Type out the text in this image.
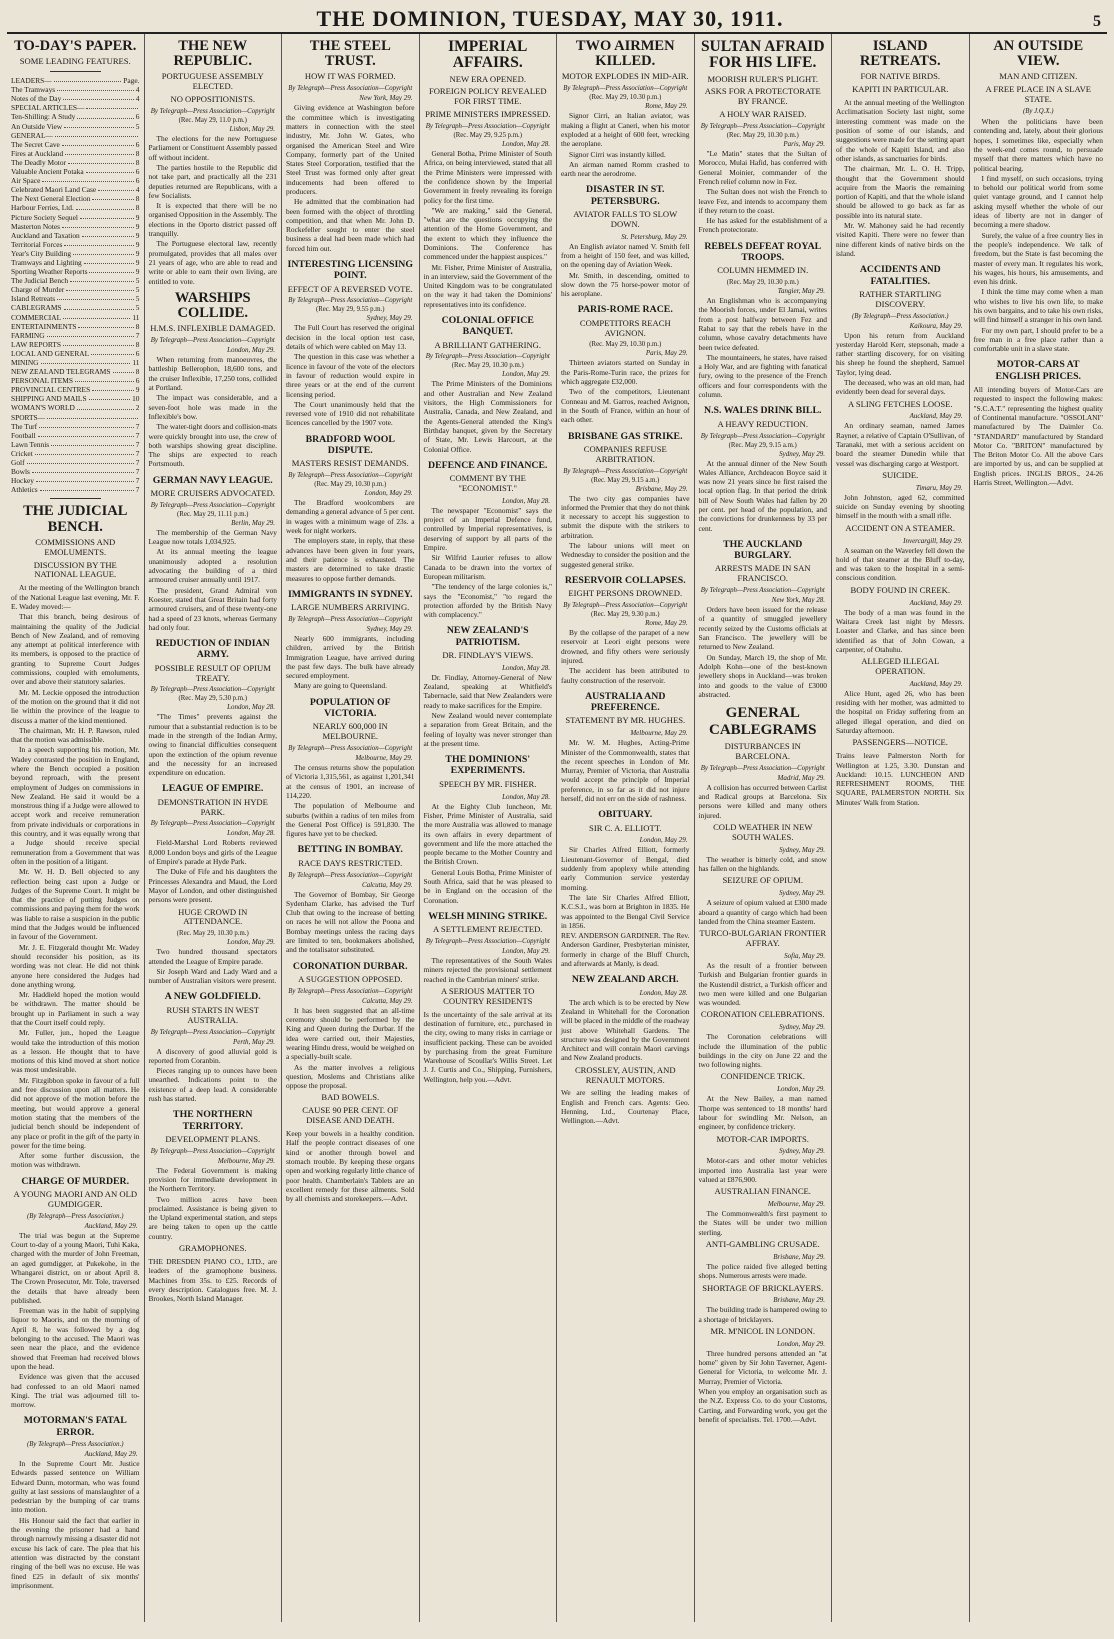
THE DOMINION, TUESDAY, MAY 30, 1911.	5
TO-DAY'S PAPER.
SOME LEADING FEATURES.
LEADERS—	Page.
The Tramways	4
Notes of the Day	4
SPECIAL ARTICLES—
Ten-Shilling: A Study	6
An Outside View	5
GENERAL—
The Secret Cave	6
Fires at Auckland	8
The Deadly Motor	8
Valuable Ancient Potaka	6
Air Space	6
Celebrated Maori Land Case	4
The Next General Election	8
Harbour Ferries, Ltd.	8
Picture Society Sequel	9
Masterton Notes	9
Auckland and Taxation	9
Territorial Forces	9
Year's City Building	9
Tramways and Lighting	9
Sporting Weather Reports	9
The Judicial Bench	5
Charge of Murder	5
Island Retreats	5
CABLEGRAMS	5
COMMERCIAL	11
ENTERTAINMENTS	8
FARMING	7
LAW REPORTS	8
LOCAL AND GENERAL	6
MINING	11
NEW ZEALAND TELEGRAMS	8
PERSONAL ITEMS	6
PROVINCIAL CENTRES	9
SHIPPING AND MAILS	10
WOMAN'S WORLD	2
SPORTS—
The Turf	7
Football	7
Lawn Tennis	7
Cricket	7
Golf	7
Bowls	7
Hockey	7
Athletics	7
THE JUDICIAL BENCH.
COMMISSIONS AND EMOLUMENTS.
DISCUSSION BY THE NATIONAL LEAGUE.

At the meeting of the Wellington branch of the National League last evening, Mr. F. E. Wadey moved:—

That this branch, being desirous of maintaining the quality of the Judicial Bench of New Zealand, and of removing any attempt at political interference with its members, is opposed to the practice of granting to Supreme Court Judges commissions, coupled with emoluments, over and above their statutory salaries.

Mr. M. Leckie opposed the introduction of the motion on the ground that it did not lie within the province of the league to discuss a matter of the kind mentioned.

The chairman, Mr. H. P. Rawson, ruled that the motion was admissible.

In a speech supporting his motion, Mr. Wadey contrasted the position in England, where the Bench occupied a position beyond reproach, with the present employment of Judges on commissions in New Zealand. He said it would be a monstrous thing if a Judge were allowed to accept work and receive remuneration from private individuals or corporations in this country, and it was equally wrong that a Judge should receive special remuneration from a Government that was often in the position of a litigant.

Mr. W. H. D. Bell objected to any reflection being cast upon a Judge or Judges of the Supreme Court. It might be that the practice of putting Judges on commissions and paying them for the work was liable to raise a suspicion in the public mind that the Judges would be influenced in favour of the Government.

Mr. J. E. Fitzgerald thought Mr. Wadey should reconsider his position, as its wording was not clear. He did not think anyone here considered the Judges had done anything wrong.

Mr. Haddield hoped the motion would be withdrawn. The matter should be brought up in Parliament in such a way that the Court itself could reply.

Mr. Fuller, jun., hoped the League would take the introduction of this motion as a lesson. He thought that to have motions of this kind moved at short notice was most undesirable.

Mr. Fitzgibbon spoke in favour of a full and free discussion upon all matters. He did not approve of the motion before the meeting, but would approve a general motion stating that the members of the judicial bench should be independent of any place or profit in the gift of the party in power for the time being.

After some further discussion, the motion was withdrawn.

CHARGE OF MURDER.
A YOUNG MAORI AND AN OLD GUMDIGGER.
(By Telegraph—Press Association.)
Auckland, May 29.

The trial was begun at the Supreme Court to-day of a young Maori, Tuhi Kaka, charged with the murder of John Freeman, an aged gumdigger, at Pukekohe, in the Whangarei district, on or about April 8. The Crown Prosecutor, Mr. Tole, traversed the details that have already been published.

Freeman was in the habit of supplying liquor to Maoris, and on the morning of April 8, he was followed by a dog belonging to the accused. The Maori was seen near the place, and the evidence showed that Freeman had received blows upon the head.

Evidence was given that the accused had confessed to an old Maori named Kingi. The trial was adjourned till to-morrow.

MOTORMAN'S FATAL ERROR.
(By Telegraph—Press Association.)
Auckland, May 29.

In the Supreme Court Mr. Justice Edwards passed sentence on William Edward Dunn, motorman, who was found guilty at last sessions of manslaughter of a pedestrian by the bumping of car trams into motion.

His Honour said the fact that earlier in the evening the prisoner had a hand through narrowly missing a disaster did not excuse his lack of care. The plea that his attention was distracted by the constant ringing of the bell was no excuse. He was fined £25 in default of six months' imprisonment.

THE NEW REPUBLIC.
PORTUGUESE ASSEMBLY ELECTED.
NO OPPOSITIONISTS.
By Telegraph—Press Association—Copyright
(Rec. May 29, 11.0 p.m.)
Lisbon, May 29.

The elections for the new Portuguese Parliament or Constituent Assembly passed off without incident.

The parties hostile to the Republic did not take part, and practically all the 231 deputies returned are Republicans, with a few Socialists.

It is expected that there will be no organised Opposition in the Assembly. The elections in the Oporto district passed off tranquilly.

The Portuguese electoral law, recently promulgated, provides that all males over 21 years of age, who are able to read and write or able to earn their own living, are entitled to vote.

WARSHIPS COLLIDE.
H.M.S. INFLEXIBLE DAMAGED.
By Telegraph—Press Association—Copyright
London, May 29.

When returning from manoeuvres, the battleship Bellerophon, 18,600 tons, and the cruiser Inflexible, 17,250 tons, collided at Portland.

The impact was considerable, and a seven-foot hole was made in the Inflexible's bow.

The water-tight doors and collision-mats were quickly brought into use, the crew of both warships showing great discipline. The ships are expected to reach Portsmouth.

GERMAN NAVY LEAGUE.
MORE CRUISERS ADVOCATED.
By Telegraph—Press Association—Copyright
(Rec. May 29, 11.11 p.m.)
Berlin, May 29.

The membership of the German Navy League now totals 1,034,925.

At its annual meeting the league unanimously adopted a resolution advocating the building of a third armoured cruiser annually until 1917.

The president, Grand Admiral von Koester, stated that Great Britain had forty armoured cruisers, and of these twenty-one had a speed of 23 knots, whereas Germany had only four.

REDUCTION OF INDIAN ARMY.
POSSIBLE RESULT OF OPIUM TREATY.
By Telegraph—Press Association—Copyright
(Rec. May 29, 5.30 p.m.)
London, May 28.

"The Times" prevents against the rumour that a substantial reduction is to be made in the strength of the Indian Army, owing to financial difficulties consequent upon the extinction of the opium revenue and the necessity for an increased expenditure on education.

LEAGUE OF EMPIRE.
DEMONSTRATION IN HYDE PARK.
By Telegraph—Press Association—Copyright
London, May 28.

Field-Marshal Lord Roberts reviewed 8,000 London boys and girls of the League of Empire's parade at Hyde Park.

The Duke of Fife and his daughters the Princesses Alexandra and Maud, the Lord Mayor of London, and other distinguished persons were present.

HUGE CROWD IN ATTENDANCE.
(Rec. May 29, 10.30 p.m.)
London, May 29.

Two hundred thousand spectators attended the League of Empire parade.

Sir Joseph Ward and Lady Ward and a number of Australian visitors were present.

A NEW GOLDFIELD.
RUSH STARTS IN WEST AUSTRALIA.
By Telegraph—Press Association—Copyright
Perth, May 29.

A discovery of good alluvial gold is reported from Coranbin.

Pieces ranging up to ounces have been unearthed. Indications point to the existence of a deep lead. A considerable rush has started.

THE NORTHERN TERRITORY.
DEVELOPMENT PLANS.
By Telegraph—Press Association—Copyright
Melbourne, May 29.

The Federal Government is making provision for immediate development in the Northern Territory.

Two million acres have been proclaimed. Assistance is being given to the Upland experimental station, and steps are being taken to open up the cattle country.

GRAMOPHONES.
THE DRESDEN PIANO CO., LTD., are leaders of the gramophone business. Machines from 35s. to £25. Records of every description. Catalogues free. M. J. Brookes, North Island Manager.
THE STEEL TRUST.
HOW IT WAS FORMED.
By Telegraph—Press Association—Copyright
New York, May 29.

Giving evidence at Washington before the committee which is investigating matters in connection with the steel industry, Mr. John W. Gates, who organised the American Steel and Wire Company, formerly part of the United States Steel Corporation, testified that the Steel Trust was formed only after great inducements had been offered to producers.

He admitted that the combination had been formed with the object of throttling competition, and that when Mr. John D. Rockefeller sought to enter the steel business a deal had been made which had forced him out.

INTERESTING LICENSING POINT.
EFFECT OF A REVERSED VOTE.
By Telegraph—Press Association—Copyright
(Rec. May 29, 9.55 p.m.)
Sydney, May 29.

The Full Court has reserved the original decision in the local option test case, details of which were cabled on May 13.

The question in this case was whether a licence in favour of the vote of the electors in favour of reduction would expire in three years or at the end of the current licensing period.

The Court unanimously held that the reversed vote of 1910 did not rehabilitate licences cancelled by the 1907 vote.

BRADFORD WOOL DISPUTE.
MASTERS RESIST DEMANDS.
By Telegraph—Press Association—Copyright
(Rec. May 29, 10.30 p.m.)
London, May 29.

The Bradford woolcombers are demanding a general advance of 5 per cent. in wages with a minimum wage of 23s. a week for night workers.

The employers state, in reply, that these advances have been given in four years, and their patience is exhausted. The masters are determined to take drastic measures to oppose further demands.

IMMIGRANTS IN SYDNEY.
LARGE NUMBERS ARRIVING.
By Telegraph—Press Association—Copyright
Sydney, May 29.

Nearly 600 immigrants, including children, arrived by the British Immigration League, have arrived during the past few days. The bulk have already secured employment.

Many are going to Queensland.

POPULATION OF VICTORIA.
NEARLY 600,000 IN MELBOURNE.
By Telegraph—Press Association—Copyright
Melbourne, May 29.

The census returns show the population of Victoria 1,315,561, as against 1,201,341 at the census of 1901, an increase of 114,220.

The population of Melbourne and suburbs (within a radius of ten miles from the General Post Office) is 591,830. The figures have yet to be checked.

BETTING IN BOMBAY.
RACE DAYS RESTRICTED.
By Telegraph—Press Association—Copyright
Calcutta, May 29.

The Governor of Bombay, Sir George Sydenham Clarke, has advised the Turf Club that owing to the increase of betting on races he will not allow the Poona and Bombay meetings unless the racing days are limited to ten, bookmakers abolished, and the totalisator substituted.

CORONATION DURBAR.
A SUGGESTION OPPOSED.
By Telegraph—Press Association—Copyright
Calcutta, May 29.

It has been suggested that an all-time ceremony should be performed by the King and Queen during the Durbar. If the idea were carried out, their Majesties, wearing Hindu dress, would be weighed on a specially-built scale.

As the matter involves a religious question, Moslems and Christians alike oppose the proposal.

BAD BOWELS.
CAUSE 90 PER CENT. OF DISEASE AND DEATH.
Keep your bowels in a healthy condition. Half the people contract diseases of one kind or another through bowel and stomach trouble. By keeping these organs open and working regularly little chance of poor health. Chamberlain's Tablets are an excellent remedy for these ailments. Sold by all chemists and storekeepers.—Advt.
IMPERIAL AFFAIRS.
NEW ERA OPENED.
FOREIGN POLICY REVEALED FOR FIRST TIME.
PRIME MINISTERS IMPRESSED.
By Telegraph—Press Association—Copyright
(Rec. May 29, 9.25 p.m.)
London, May 28.

General Botha, Prime Minister of South Africa, on being interviewed, stated that all the Prime Ministers were impressed with the confidence shown by the Imperial Government in freely revealing its foreign policy for the first time.

"We are making," said the General, "what are the questions occupying the attention of the Home Government, and the extent to which they influence the Dominions. The Conference has commenced under the happiest auspices."

Mr. Fisher, Prime Minister of Australia, in an interview, said the Government of the United Kingdom was to be congratulated on the way it had taken the Dominions' representatives into its confidence.

COLONIAL OFFICE BANQUET.
A BRILLIANT GATHERING.
By Telegraph—Press Association—Copyright
(Rec. May 29, 10.30 p.m.)
London, May 29.

The Prime Ministers of the Dominions and other Australian and New Zealand visitors, the High Commissioners for Australia, Canada, and New Zealand, and the Agents-General attended the King's Birthday banquet, given by the Secretary of State, Mr. Lewis Harcourt, at the Colonial Office.

DEFENCE AND FINANCE.
COMMENT BY THE "ECONOMIST."
London, May 28.

The newspaper "Economist" says the project of an Imperial Defence fund, controlled by Imperial representatives, is deserving of support by all parts of the Empire.

Sir Wilfrid Laurier refuses to allow Canada to be drawn into the vortex of European militarism.

"The tendency of the large colonies is," says the "Economist," "to regard the protection afforded by the British Navy with complacency."

NEW ZEALAND'S PATRIOTISM.
DR. FINDLAY'S VIEWS.
London, May 28.

Dr. Findlay, Attorney-General of New Zealand, speaking at Whitfield's Tabernacle, said that New Zealanders were ready to make sacrifices for the Empire.

New Zealand would never contemplate a separation from Great Britain, and the feeling of loyalty was never stronger than at the present time.

THE DOMINIONS' EXPERIMENTS.
SPEECH BY MR. FISHER.
London, May 28.

At the Eighty Club luncheon, Mr. Fisher, Prime Minister of Australia, said the more Australia was allowed to manage its own affairs in every department of government and life the more attached the people became to the Mother Country and the British Crown.

General Louis Botha, Prime Minister of South Africa, said that he was pleased to be in England on the occasion of the Coronation.

WELSH MINING STRIKE.
A SETTLEMENT REJECTED.
By Telegraph—Press Association—Copyright
London, May 29.

The representatives of the South Wales miners rejected the provisional settlement reached in the Cambrian miners' strike.

A SERIOUS MATTER TO COUNTRY RESIDENTS
Is the uncertainty of the sale arrival at its destination of furniture, etc., purchased in the city, owing to many risks in carriage or insufficient packing. These can be avoided by purchasing from the great Furniture Warehouse of Scoullar's Willis Street. Let J. J. Curtis and Co., Shipping, Furnishers, Wellington, help you.—Advt.
TWO AIRMEN KILLED.
MOTOR EXPLODES IN MID-AIR.
By Telegraph—Press Association—Copyright
(Rec. May 29, 10.30 p.m.)
Rome, May 29.

Signor Cirri, an Italian aviator, was making a flight at Caneri, when his motor exploded at a height of 600 feet, wrecking the aeroplane.

Signor Cirri was instantly killed.

An airman named Romm crashed to earth near the aerodrome.

DISASTER IN ST. PETERSBURG.
AVIATOR FALLS TO SLOW DOWN.
St. Petersburg, May 29.

An English aviator named V. Smith fell from a height of 150 feet, and was killed, on the opening day of Aviation Week.

Mr. Smith, in descending, omitted to slow down the 75 horse-power motor of his aeroplane.

PARIS-ROME RACE.
COMPETITORS REACH AVIGNON.
(Rec. May 29, 10.30 p.m.)
Paris, May 29.

Thirteen aviators started on Sunday in the Paris-Rome-Turin race, the prizes for which aggregate £32,000.

Two of the competitors, Lieutenant Conneau and M. Garros, reached Avignon, in the South of France, within an hour of each other.

BRISBANE GAS STRIKE.
COMPANIES REFUSE ARBITRATION.
By Telegraph—Press Association—Copyright
(Rec. May 29, 9.15 a.m.)
Brisbane, May 29.

The two city gas companies have informed the Premier that they do not think it necessary to accept his suggestion to submit the dispute with the strikers to arbitration.

The labour unions will meet on Wednesday to consider the position and the suggested general strike.

RESERVOIR COLLAPSES.
EIGHT PERSONS DROWNED.
By Telegraph—Press Association—Copyright
(Rec. May 29, 9.30 p.m.)
Rome, May 29.

By the collapse of the parapet of a new reservoir at Leori eight persons were drowned, and fifty others were seriously injured.

The accident has been attributed to faulty construction of the reservoir.

AUSTRALIA AND PREFERENCE.
STATEMENT BY MR. HUGHES.
Melbourne, May 29.

Mr. W. M. Hughes, Acting-Prime Minister of the Commonwealth, states that the recent speeches in London of Mr. Murray, Premier of Victoria, that Australia would accept the principle of Imperial preference, in so far as it did not injure herself, did not err on the side of rashness.

OBITUARY.
SIR C. A. ELLIOTT.
London, May 29.

Sir Charles Alfred Elliott, formerly Lieutenant-Governor of Bengal, died suddenly from apoplexy while attending early Communion service yesterday morning.

The late Sir Charles Alfred Elliott, K.C.S.I., was born at Brighton in 1835. He was appointed to the Bengal Civil Service in 1856.

REV. ANDERSON GARDINER. The Rev. Anderson Gardiner, Presbyterian minister, formerly in charge of the Bluff Church, and afterwards at Manly, is dead.
NEW ZEALAND ARCH.
London, May 28.

The arch which is to be erected by New Zealand in Whitehall for the Coronation will be placed in the middle of the roadway just above Whitehall Gardens. The structure was designed by the Government Architect and will contain Maori carvings and New Zealand products.

CROSSLEY, AUSTIN, AND RENAULT MOTORS.
We are selling the leading makes of English and French cars. Agents: Geo. Henning, Ltd., Courtenay Place, Wellington.—Advt.
SULTAN AFRAID FOR HIS LIFE.
MOORISH RULER'S PLIGHT.
ASKS FOR A PROTECTORATE BY FRANCE.
A HOLY WAR RAISED.
By Telegraph—Press Association—Copyright
(Rec. May 29, 10.30 p.m.)
Paris, May 29.

"Le Matin" states that the Sultan of Morocco, Mulai Hafid, has conferred with General Moinier, commander of the French relief column now in Fez.

The Sultan does not wish the French to leave Fez, and intends to accompany them if they return to the coast.

He has asked for the establishment of a French protectorate.

REBELS DEFEAT ROYAL TROOPS.
COLUMN HEMMED IN.
(Rec. May 29, 10.30 p.m.)
Tangier, May 29.

An Englishman who is accompanying the Moorish forces, under El Jamai, writes from a post halfway between Fez and Rabat to say that the rebels have in the column, whose cavalry detachments have been twice defeated.

The mountaineers, he states, have raised a Holy War, and are fighting with fanatical fury, owing to the presence of the French officers and four correspondents with the column.

N.S. WALES DRINK BILL.
A HEAVY REDUCTION.
By Telegraph—Press Association—Copyright
(Rec. May 29, 9.15 a.m.)
Sydney, May 29.

At the annual dinner of the New South Wales Alliance, Archdeacon Boyce said it was now 21 years since he first raised the local option flag. In that period the drink bill of New South Wales had fallen by 20 per cent. per head of the population, and the convictions for drunkenness by 33 per cent.

THE AUCKLAND BURGLARY.
ARRESTS MADE IN SAN FRANCISCO.
By Telegraph—Press Association—Copyright
New York, May 28.

Orders have been issued for the release of a quantity of smuggled jewellery recently seized by the Customs officials at San Francisco. The jewellery will be returned to New Zealand.

On Sunday, March 19, the shop of Mr. Adolph Kohn—one of the best-known jewellery shops in Auckland—was broken into and goods to the value of £3000 abstracted.

GENERAL CABLEGRAMS
DISTURBANCES IN BARCELONA.
By Telegraph—Press Association—Copyright
Madrid, May 29.

A collision has occurred between Carlist and Radical groups at Barcelona. Six persons were killed and many others injured.

COLD WEATHER IN NEW SOUTH WALES.
Sydney, May 29.

The weather is bitterly cold, and snow has fallen on the highlands.

SEIZURE OF OPIUM.
Sydney, May 29.

A seizure of opium valued at £300 made aboard a quantity of cargo which had been landed from the China steamer Eastern.

TURCO-BULGARIAN FRONTIER AFFRAY.
Sofia, May 29.

As the result of a frontier between Turkish and Bulgarian frontier guards in the Kustendil district, a Turkish officer and two men were killed and one Bulgarian was wounded.

CORONATION CELEBRATIONS.
Sydney, May 29.

The Coronation celebrations will include the illumination of the public buildings in the city on June 22 and the two following nights.

CONFIDENCE TRICK.
London, May 29.

At the New Bailey, a man named Thorpe was sentenced to 18 months' hard labour for swindling Mr. Nelson, an engineer, by confidence trickery.

MOTOR-CAR IMPORTS.
Sydney, May 29.

Motor-cars and other motor vehicles imported into Australia last year were valued at £876,900.

AUSTRALIAN FINANCE.
Melbourne, May 29.

The Commonwealth's first payment to the States will be under two million sterling.

ANTI-GAMBLING CRUSADE.
Brisbane, May 29.

The police raided five alleged betting shops. Numerous arrests were made.

SHORTAGE OF BRICKLAYERS.
Brisbane, May 29.

The building trade is hampered owing to a shortage of bricklayers.

MR. M'NICOL IN LONDON.
London, May 29.

Three hundred persons attended an "at home" given by Sir John Taverner, Agent-General for Victoria, to welcome Mr. J. Murray, Premier of Victoria.

When you employ an organisation such as the N.Z. Express Co. to do your Customs, Carting, and Forwarding work, you get the benefit of specialists. Tel. 1700.—Advt.
ISLAND RETREATS.
FOR NATIVE BIRDS.
KAPITI IN PARTICULAR.

At the annual meeting of the Wellington Acclimatisation Society last night, some interesting comment was made on the position of some of our islands, and suggestions were made for the setting apart of the whole of Kapiti Island, and also other islands, as sanctuaries for birds.

The chairman, Mr. L. O. H. Tripp, thought that the Government should acquire from the Maoris the remaining portion of Kapiti, and that the whole island should be allowed to go back as far as possible into its natural state.

Mr. W. Mahoney said he had recently visited Kapiti. There were no fewer than nine different kinds of native birds on the island.

ACCIDENTS AND FATALITIES.
RATHER STARTLING DISCOVERY.
(By Telegraph—Press Association.)
Kaikoura, May 29.

Upon his return from Auckland yesterday Harold Kerr, stepsonah, made a rather startling discovery, for on visiting his sheep he found the shepherd, Samuel Taylor, lying dead.

The deceased, who was an old man, had evidently been dead for several days.

A SLING FETCHES LOOSE.
Auckland, May 29.

An ordinary seaman, named James Rayner, a relative of Captain O'Sullivan, of Taranaki, met with a serious accident on board the steamer Dunedin while that vessel was discharging cargo at Westport.

SUICIDE.
Timaru, May 29.

John Johnston, aged 62, committed suicide on Sunday evening by shooting himself in the mouth with a small rifle.

ACCIDENT ON A STEAMER.
Invercargill, May 29.

A seaman on the Waverley fell down the hold of that steamer at the Bluff to-day, and was taken to the hospital in a semi-conscious condition.

BODY FOUND IN CREEK.
Auckland, May 29.

The body of a man was found in the Waitara Creek last night by Messrs. Loaster and Clarke, and has since been identified as that of John Cowan, a carpenter, of Otahuhu.

ALLEGED ILLEGAL OPERATION.
Auckland, May 29.

Alice Hunt, aged 26, who has been residing with her mother, was admitted to the hospital on Friday suffering from an alleged illegal operation, and died on Saturday afternoon.

PASSENGERS—NOTICE.
Trains leave Palmerston North for Wellington at 1.25, 3.30. Dunstan and Auckland: 10.15. LUNCHEON AND REFRESHMENT ROOMS, THE SQUARE, PALMERSTON NORTH. Six Minutes' Walk from Station.
AN OUTSIDE VIEW.
MAN AND CITIZEN.
A FREE PLACE IN A SLAVE STATE.
(By J.Q.X.)

When the politicians have been contending and, lately, about their glorious hopes, I sometimes like, especially when the week-end comes round, to persuade myself that there matters which have no political bearing.

I find myself, on such occasions, trying to behold our political world from some quiet vantage ground, and I cannot help asking myself whether the whole of our ideas of liberty are not in danger of becoming a mere shadow.

Surely, the value of a free country lies in the people's independence. We talk of freedom, but the State is fast becoming the master of every man. It regulates his work, his wages, his hours, his amusements, and even his drink.

I think the time may come when a man who wishes to live his own life, to make his own bargains, and to take his own risks, will find himself a stranger in his own land.

For my own part, I should prefer to be a free man in a free place rather than a comfortable unit in a slave state.

MOTOR-CARS AT ENGLISH PRICES.
All intending buyers of Motor-Cars are requested to inspect the following makes: "S.C.A.T." representing the highest quality of Continental manufacture. "OSSOLANI" manufactured by The Daimler Co. "STANDARD" manufactured by Standard Motor Co. "BRITON" manufactured by The Briton Motor Co. All the above Cars are imported by us, and can be supplied at English prices. INGLIS BROS., 24-26 Harris Street, Wellington.—Advt.
